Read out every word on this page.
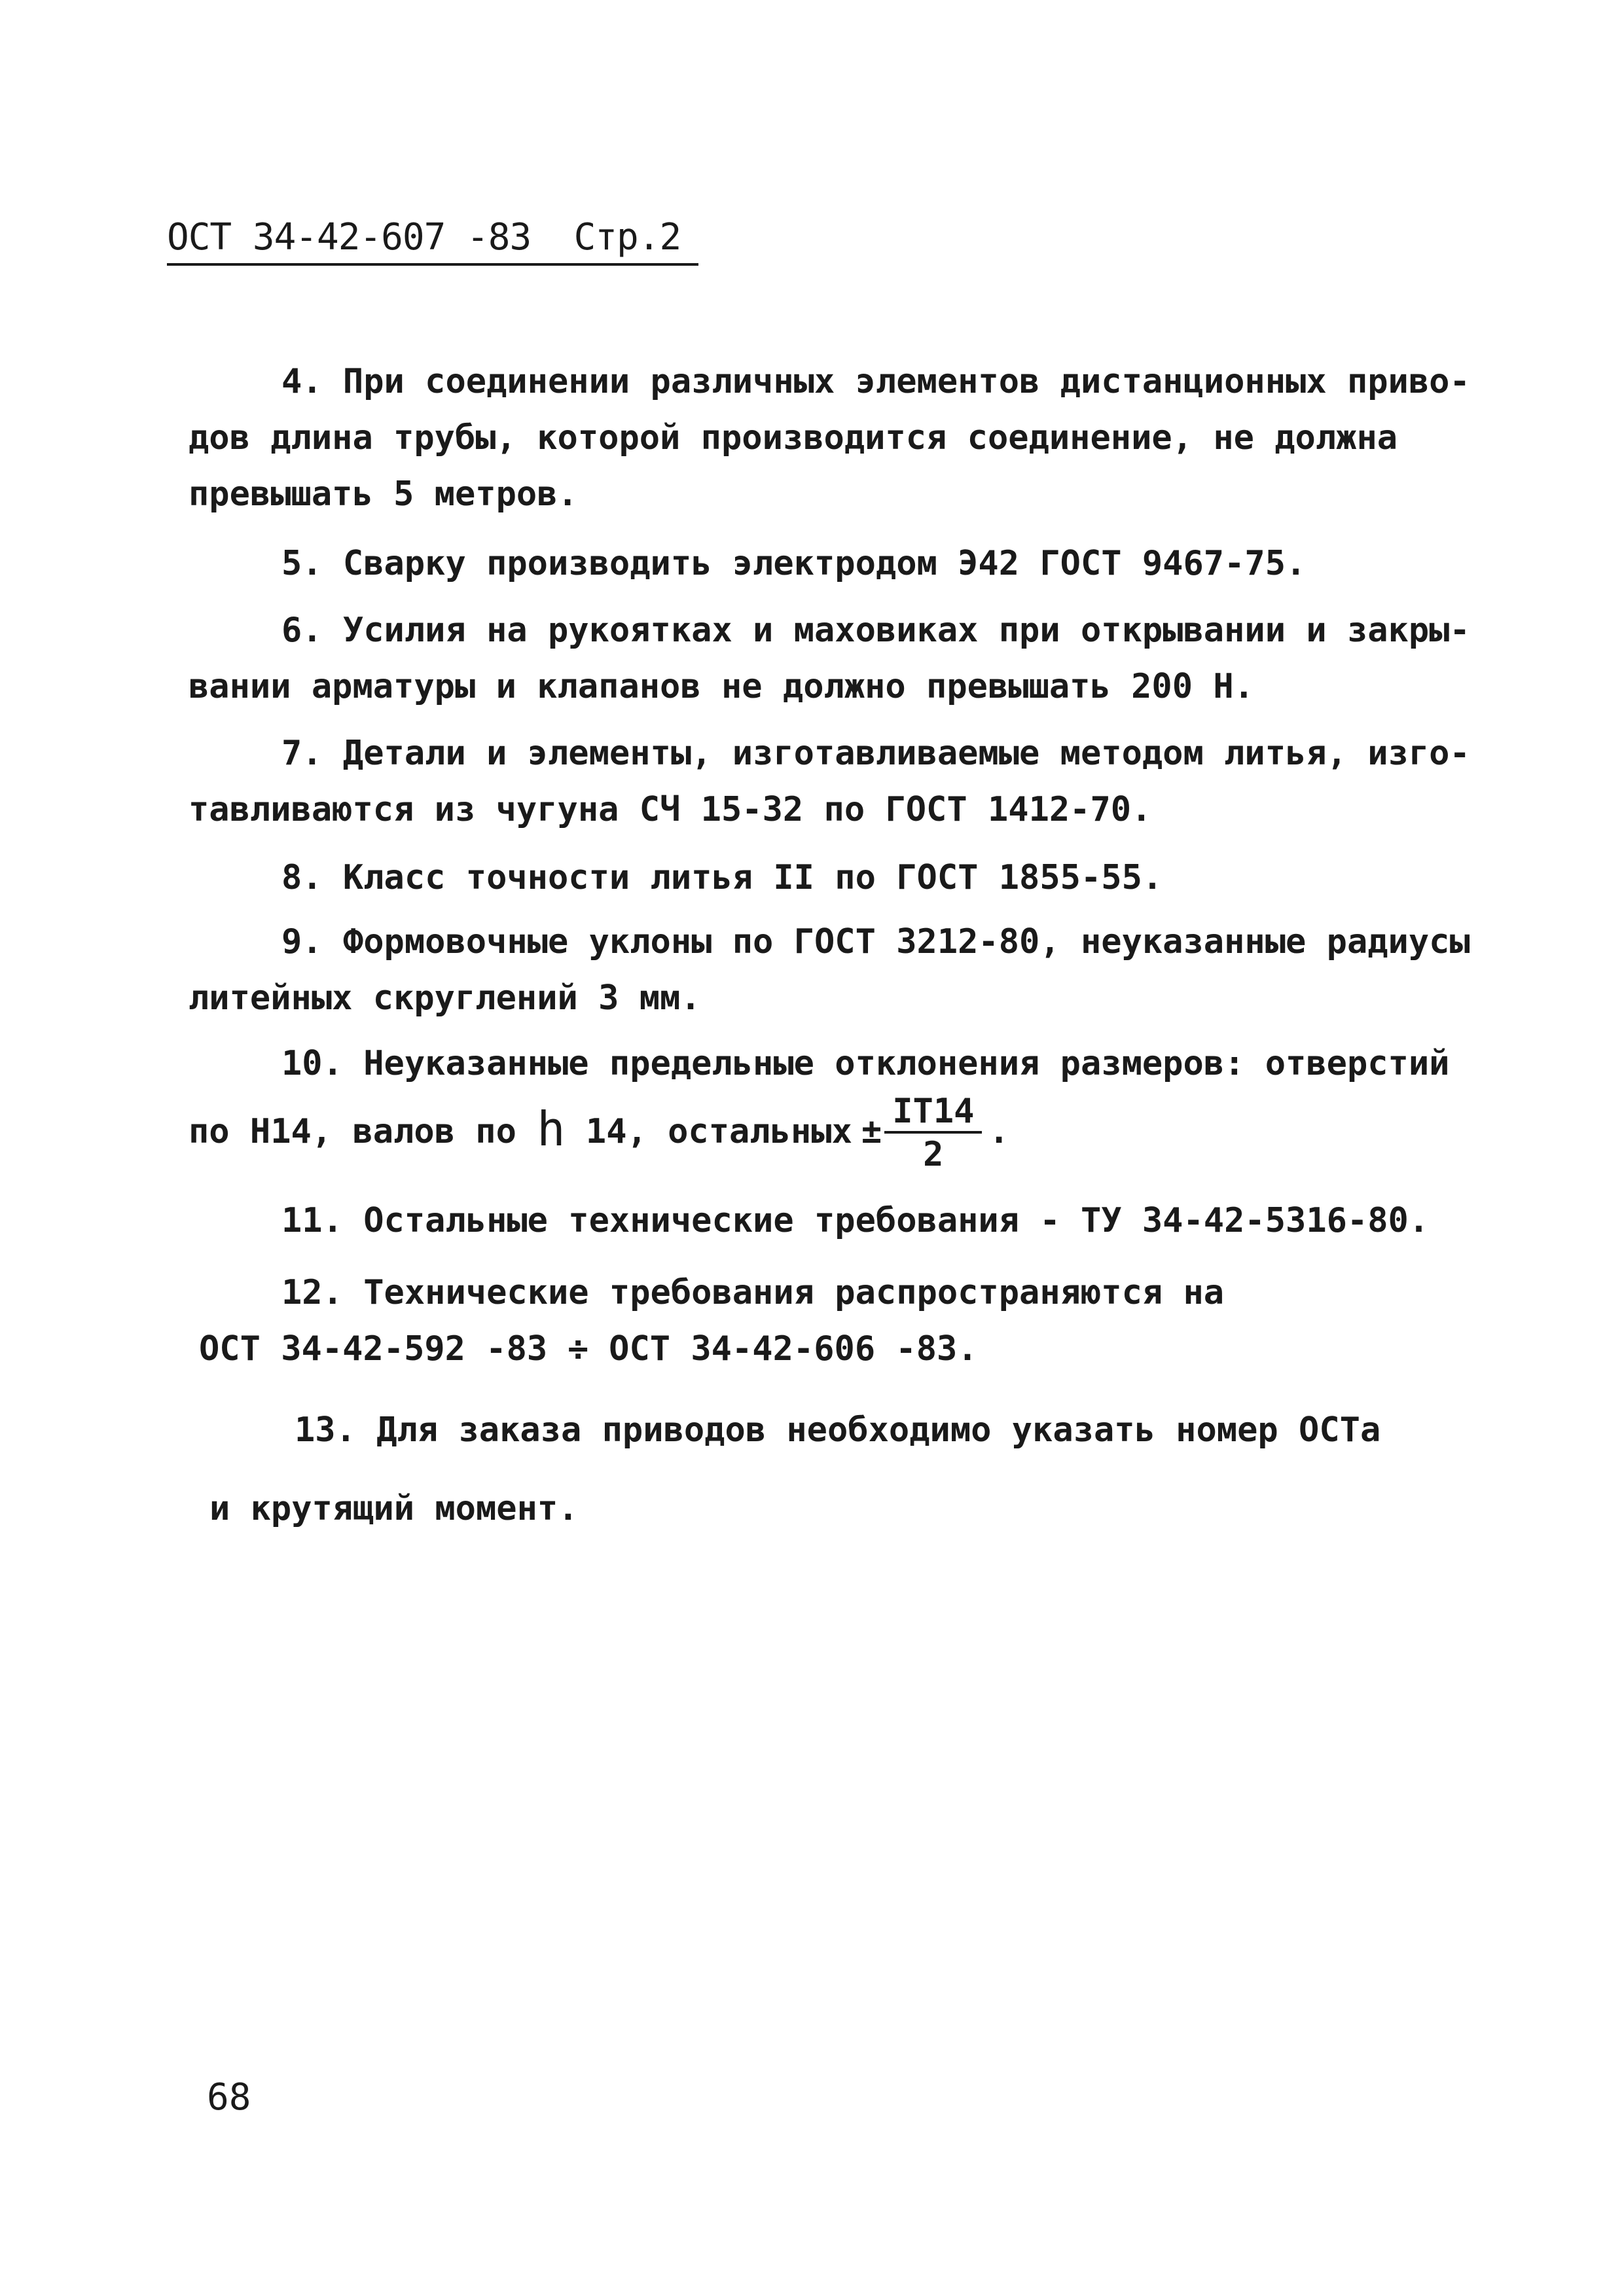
ОСТ 34-42-607 -83 Стр.2
4. При соединении различных элементов дистанционных приво-
дов длина трубы, которой производится соединение, не должна
превышать 5 метров.
5. Сварку производить электродом Э42 ГОСТ 9467-75.
6. Усилия на рукоятках и маховиках при открывании и закры-
вании арматуры и клапанов не должно превышать 200 Н.
7. Детали и элементы, изготавливаемые методом литья, изго-
тавливаются из чугуна СЧ 15-32 по ГОСТ 1412-70.
8. Класс точности литья II по ГОСТ 1855-55.
9. Формовочные уклоны по ГОСТ 3212-80, неуказанные радиусы
литейных скруглений 3 мм.
10. Неуказанные предельные отклонения размеров: отверстий
по Н14, валов по h 14, остальных ± $\frac{IT14}{2}$ .
11. Остальные технические требования - ТУ 34-42-5316-80.
12. Технические требования распространяются на
ОСТ 34-42-592 -83 ÷ ОСТ 34-42-606 -83.
13. Для заказа приводов необходимо указать номер ОСТа
и крутящий момент.
68
